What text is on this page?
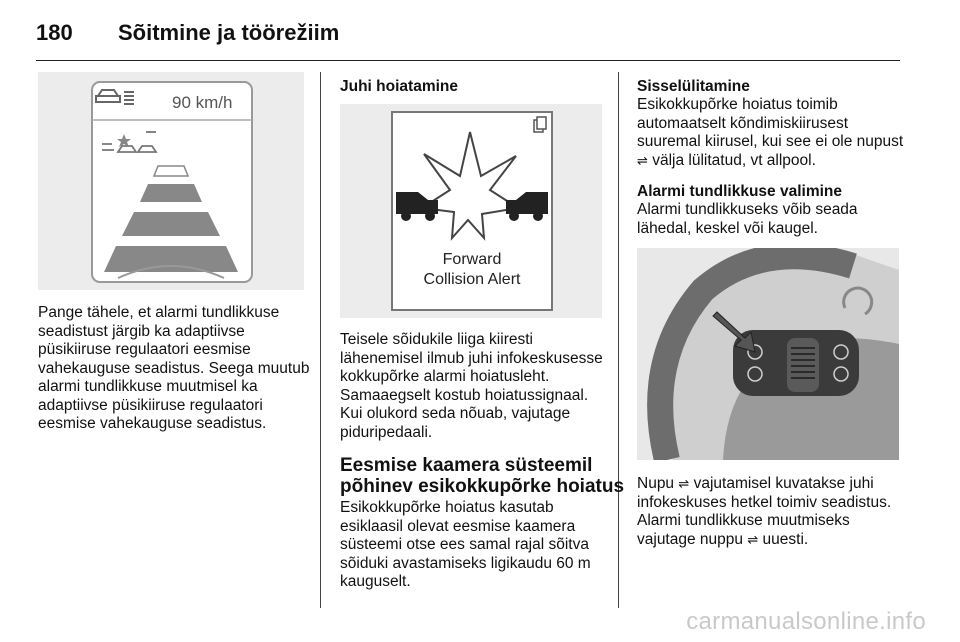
180 Sõitmine ja töörežiim
90 km/h

Pange tähele, et alarmi tundlikkuse seadistust järgib ka adaptiivse püsikiiruse regulaatori eesmise vahekauguse seadistus. Seega muutub alarmi tundlikkuse muutmisel ka adaptiivse püsikiiruse regulaatori eesmise vahekauguse seadistus.

Juhi hoiatamine
Forward
Collision Alert

Teisele sõidukile liiga kiiresti lähenemisel ilmub juhi infokeskusesse kokkupõrke alarmi hoiatusleht. Samaaegselt kostub hoiatussignaal. Kui olukord seda nõuab, vajutage piduripedaali.

Eesmise kaamera süsteemil
põhinev esikokkupõrke hoiatus

Esikokkupõrke hoiatus kasutab esiklaasil olevat eesmise kaamera süsteemi otse ees samal rajal sõitva sõiduki avastamiseks ligikaudu 60 m kauguselt.

Sisselülitamine

Esikokkupõrke hoiatus toimib automaatselt kõndimiskiirusest suuremal kiirusel, kui see ei ole nupust ⇌ välja lülitatud, vt allpool.

Alarmi tundlikkuse valimine

Alarmi tundlikkuseks võib seada lähedal, keskel või kaugel.

Nupu ⇌ vajutamisel kuvatakse juhi infokeskuses hetkel toimiv seadistus. Alarmi tundlikkuse muutmiseks vajutage nuppu ⇌ uuesti.

carmanualsonline.info
